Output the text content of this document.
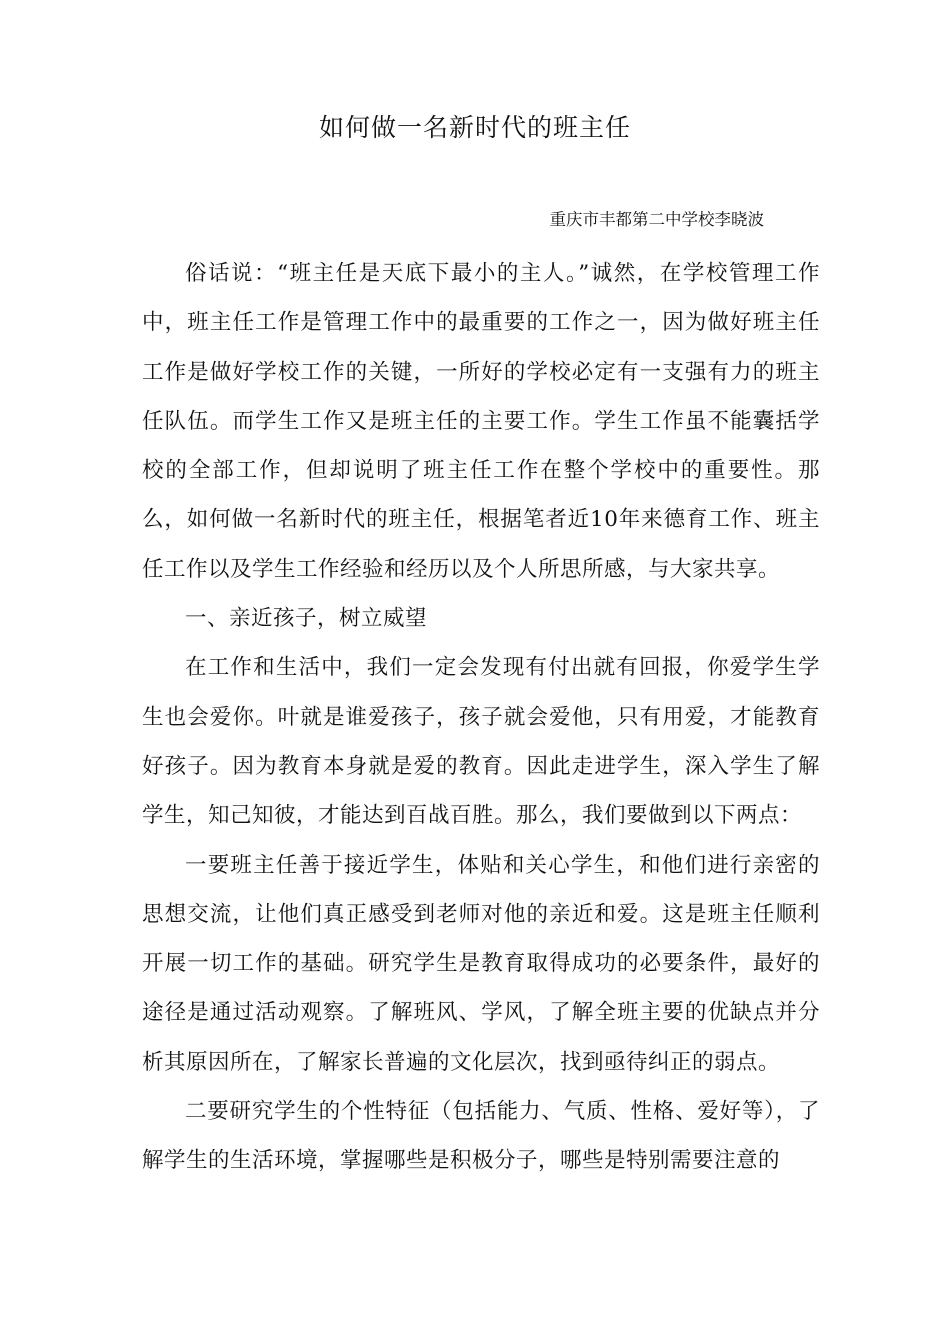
如何做一名新时代的班主任
重庆市丰都第二中学校李晓波

俗话说：“班主任是天底下最小的主人。”诚然，在学校管理工作中，班主任工作是管理工作中的最重要的工作之一，因为做好班主任工作是做好学校工作的关键，一所好的学校必定有一支强有力的班主任队伍。而学生工作又是班主任的主要工作。学生工作虽不能囊括学校的全部工作，但却说明了班主任工作在整个学校中的重要性。那么，如何做一名新时代的班主任，根据笔者近10年来德育工作、班主任工作以及学生工作经验和经历以及个人所思所感，与大家共享。

一、亲近孩子，树立威望

在工作和生活中，我们一定会发现有付出就有回报，你爱学生学生也会爱你。叶就是谁爱孩子，孩子就会爱他，只有用爱，才能教育好孩子。因为教育本身就是爱的教育。因此走进学生，深入学生了解学生，知己知彼，才能达到百战百胜。那么，我们要做到以下两点：

一要班主任善于接近学生，体贴和关心学生，和他们进行亲密的思想交流，让他们真正感受到老师对他的亲近和爱。这是班主任顺利开展一切工作的基础。研究学生是教育取得成功的必要条件，最好的途径是通过活动观察。了解班风、学风，了解全班主要的优缺点并分析其原因所在，了解家长普遍的文化层次，找到亟待纠正的弱点。

二要研究学生的个性特征（包括能力、气质、性格、爱好等），了解学生的生活环境，掌握哪些是积极分子，哪些是特别需要注意的
